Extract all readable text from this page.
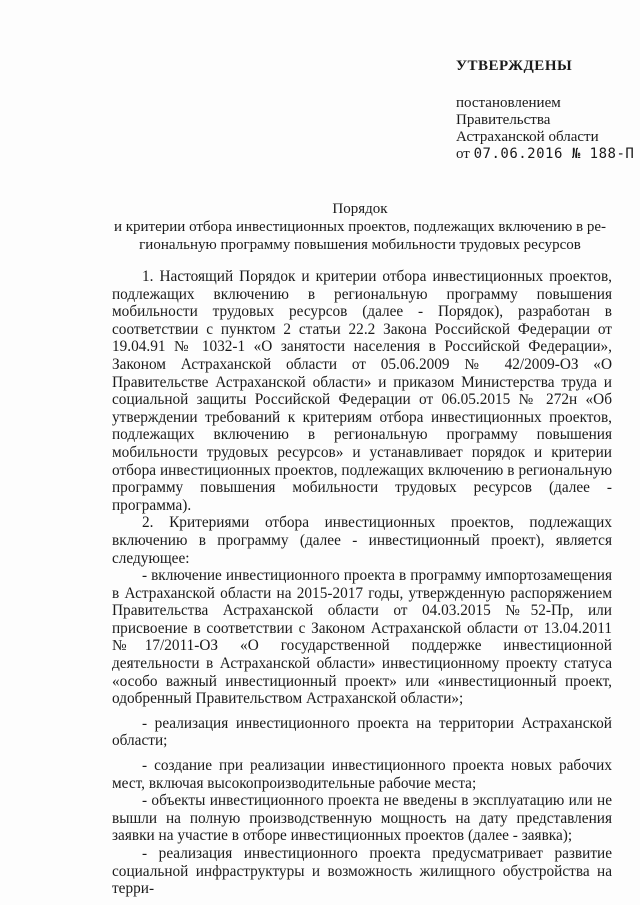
УТВЕРЖДЕНЫ
постановлением
Правительства
Астраханской области
от 07.06.2016 № 188-П
Порядок
и критерии отбора инвестиционных проектов, подлежащих включению в ре-
гиональную программу повышения мобильности трудовых ресурсов

1. Настоящий Порядок и критерии отбора инвестиционных проектов, подлежащих включению в региональную программу повышения мобильности трудовых ресурсов (далее - Порядок), разработан в соответствии с пунктом 2 статьи 22.2 Закона Российской Федерации от 19.04.91 № 1032-1 «О занятости населения в Российской Федерации», Законом Астраханской области от 05.06.2009 № 42/2009-ОЗ «О Правительстве Астраханской области» и приказом Министерства труда и социальной защиты Российской Федерации от 06.05.2015 № 272н «Об утверждении требований к критериям отбора инвестиционных проектов, подлежащих включению в региональную программу повышения мобильности трудовых ресурсов» и устанавливает порядок и критерии отбора инвестиционных проектов, подлежащих включению в региональную программу повышения мобильности трудовых ресурсов (далее - программа).

2. Критериями отбора инвестиционных проектов, подлежащих включению в программу (далее - инвестиционный проект), является следующее:

- включение инвестиционного проекта в программу импортозамещения в Астраханской области на 2015-2017 годы, утвержденную распоряжением Правительства Астраханской области от 04.03.2015 №52-Пр, или присвоение в соответствии с Законом Астраханской области от 13.04.2011 №17/2011-ОЗ «О государственной поддержке инвестиционной деятельности в Астраханской области» инвестиционному проекту статуса «особо важный инвестиционный проект» или «инвестиционный проект, одобренный Правительством Астраханской области»;

- реализация инвестиционного проекта на территории Астраханской области;

- создание при реализации инвестиционного проекта новых рабочих мест, включая высокопроизводительные рабочие места;

- объекты инвестиционного проекта не введены в эксплуатацию или не вышли на полную производственную мощность на дату представления заявки на участие в отборе инвестиционных проектов (далее - заявка);

- реализация инвестиционного проекта предусматривает развитие социальной инфраструктуры и возможность жилищного обустройства на терри-
